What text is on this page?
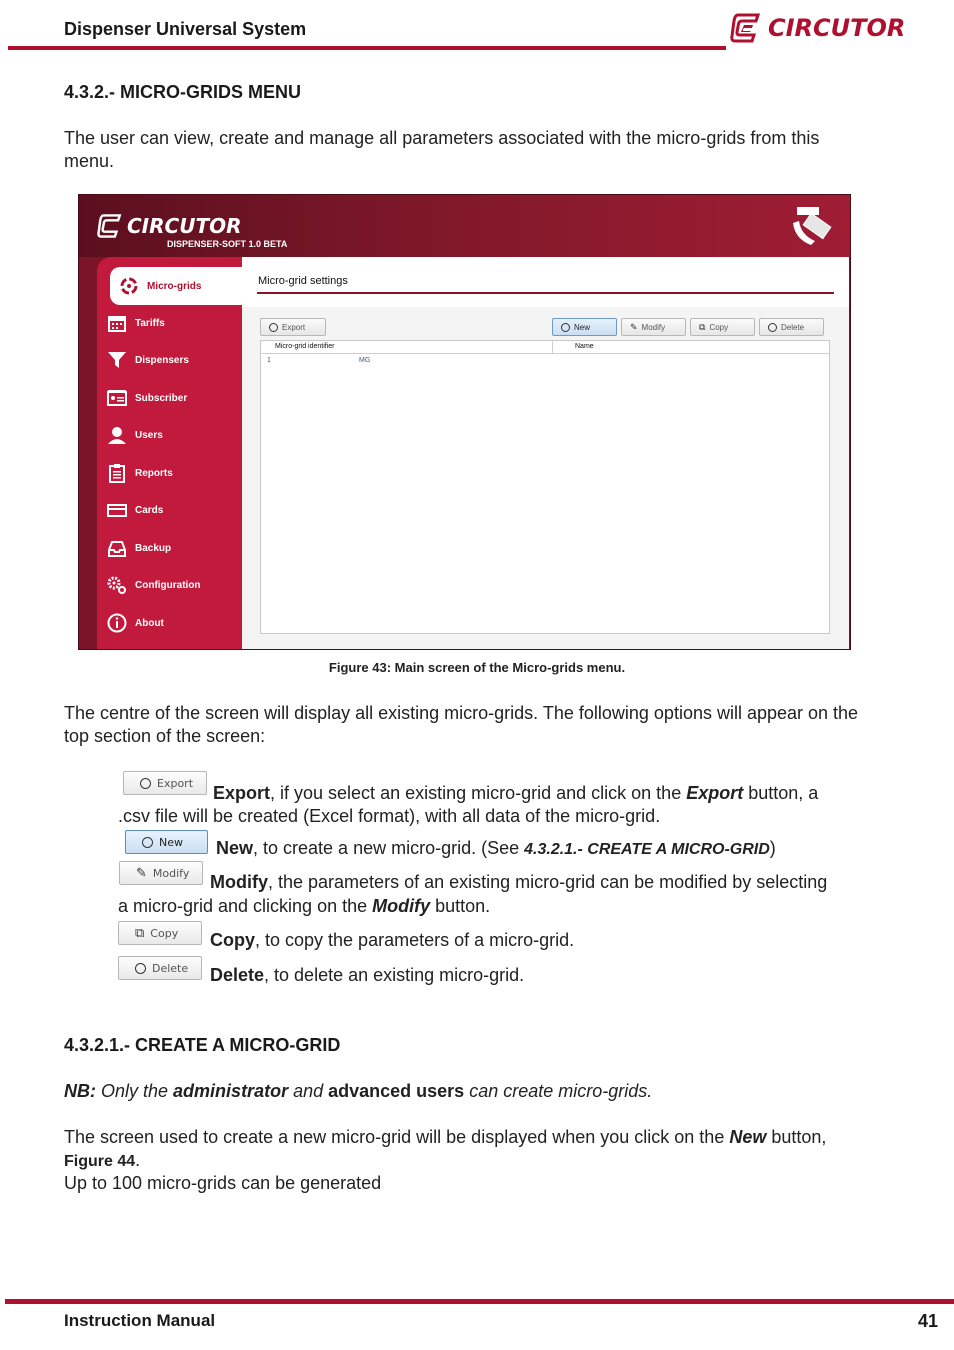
Dispenser Universal System	CIRCUTOR
4.3.2.- MICRO-GRIDS MENU

The user can view, create and manage all parameters associated with the micro-grids from this menu.

CIRCUTOR
DISPENSER-SOFT 1.0 BETA
Micro-grids
Tariffs
Dispensers
Subscriber
Users
Reports
Cards
Backup
Configuration
About
Micro-grid settings
Export	New	✎ Modify	⧉ Copy	Delete
Micro-grid identifier	Name
1	MG
Figure 43: Main screen of the Micro-grids menu.

The centre of the screen will display all existing micro-grids. The following options will appear on the top section of the screen:

Export Export, if you select an existing micro-grid and click on the Export button, a

.csv file will be created (Excel format), with all data of the micro-grid.

New New, to create a new micro-grid. (See 4.3.2.1.- CREATE A MICRO-GRID)

✎ Modify Modify, the parameters of an existing micro-grid can be modified by selecting

a micro-grid and clicking on the Modify button.

⧉ Copy Copy, to copy the parameters of a micro-grid.

Delete Delete, to delete an existing micro-grid.

4.3.2.1.- CREATE A MICRO-GRID

NB: Only the administrator and advanced users can create micro-grids.

The screen used to create a new micro-grid will be displayed when you click on the New button,
Figure 44.

Up to 100 micro-grids can be generated

Instruction Manual	41
